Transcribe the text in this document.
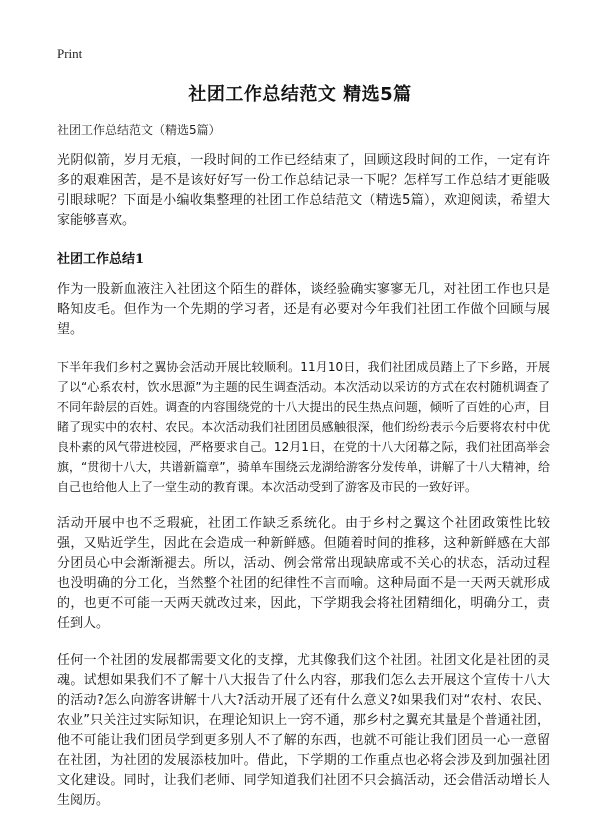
Print
社团工作总结范文 精选5篇
社团工作总结范文（精选5篇）

光阴似箭，岁月无痕，一段时间的工作已经结束了，回顾这段时间的工作，一定有许多的艰难困苦，是不是该好好写一份工作总结记录一下呢？怎样写工作总结才更能吸引眼球呢？下面是小编收集整理的社团工作总结范文（精选5篇），欢迎阅读，希望大家能够喜欢。

社团工作总结1

作为一股新血液注入社团这个陌生的群体，谈经验确实寥寥无几，对社团工作也只是略知皮毛。但作为一个先期的学习者，还是有必要对今年我们社团工作做个回顾与展望。

下半年我们乡村之翼协会活动开展比较顺利。11月10日，我们社团成员踏上了下乡路，开展了以“心系农村，饮水思源”为主题的民生调查活动。本次活动以采访的方式在农村随机调查了不同年龄层的百姓。调查的内容围绕党的十八大提出的民生热点问题，倾听了百姓的心声，目睹了现实中的农村、农民。本次活动我们社团团员感触很深，他们纷纷表示今后要将农村中优良朴素的风气带进校园，严格要求自己。12月1日，在党的十八大闭幕之际，我们社团高举会旗，“贯彻十八大，共谱新篇章”，骑单车围绕云龙湖给游客分发传单，讲解了十八大精神，给自己也给他人上了一堂生动的教育课。本次活动受到了游客及市民的一致好评。

活动开展中也不乏瑕疵，社团工作缺乏系统化。由于乡村之翼这个社团政策性比较强，又贴近学生，因此在会造成一种新鲜感。但随着时间的推移，这种新鲜感在大部分团员心中会渐渐褪去。所以，活动、例会常常出现缺席或不关心的状态，活动过程也没明确的分工化，当然整个社团的纪律性不言而喻。这种局面不是一天两天就形成的，也更不可能一天两天就改过来，因此，下学期我会将社团精细化，明确分工，责任到人。

任何一个社团的发展都需要文化的支撑，尤其像我们这个社团。社团文化是社团的灵魂。试想如果我们不了解十八大报告了什么内容，那我们怎么去开展这个宣传十八大的活动?怎么向游客讲解十八大?活动开展了还有什么意义?如果我们对“农村、农民、农业”只关注过实际知识，在理论知识上一窍不通，那乡村之翼充其量是个普通社团，他不可能让我们团员学到更多别人不了解的东西，也就不可能让我们团员一心一意留在社团，为社团的发展添枝加叶。借此，下学期的工作重点也必将会涉及到加强社团文化建设。同时，让我们老师、同学知道我们社团不只会搞活动，还会借活动增长人生阅历。
